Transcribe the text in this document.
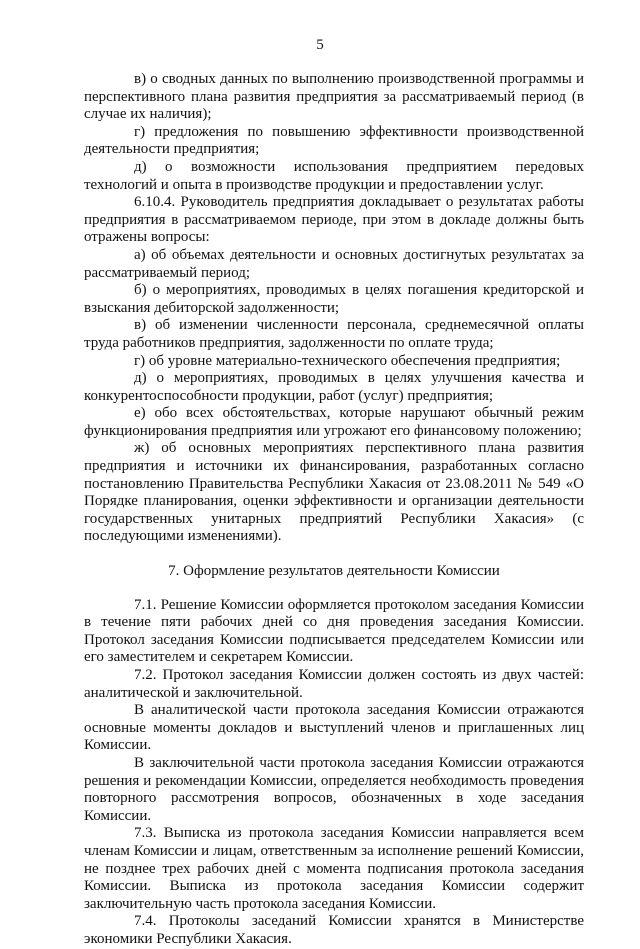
5

в) о сводных данных по выполнению производственной программы и перспективного плана развития предприятия за рассматриваемый период (в случае их наличия);

г) предложения по повышению эффективности производственной деятельности предприятия;

д) о возможности использования предприятием передовых технологий и опыта в производстве продукции и предоставлении услуг.

6.10.4. Руководитель предприятия докладывает о результатах работы предприятия в рассматриваемом периоде, при этом в докладе должны быть отражены вопросы:

а) об объемах деятельности и основных достигнутых результатах за рассматриваемый период;

б) о мероприятиях, проводимых в целях погашения кредиторской и взыскания дебиторской задолженности;

в) об изменении численности персонала, среднемесячной оплаты труда работников предприятия, задолженности по оплате труда;

г) об уровне материально-технического обеспечения предприятия;

д) о мероприятиях, проводимых в целях улучшения качества и конкурентоспособности продукции, работ (услуг) предприятия;

е) обо всех обстоятельствах, которые нарушают обычный режим функционирования предприятия или угрожают его финансовому положению;

ж) об основных мероприятиях перспективного плана развития предприятия и источники их финансирования, разработанных согласно постановлению Правительства Республики Хакасия от 23.08.2011 № 549 «О Порядке планирования, оценки эффективности и организации деятельности государственных унитарных предприятий Республики Хакасия» (с последующими изменениями).

7. Оформление результатов деятельности Комиссии

7.1. Решение Комиссии оформляется протоколом заседания Комиссии в течение пяти рабочих дней со дня проведения заседания Комиссии. Протокол заседания Комиссии подписывается председателем Комиссии или его заместителем и секретарем Комиссии.

7.2. Протокол заседания Комиссии должен состоять из двух частей: аналитической и заключительной.

В аналитической части протокола заседания Комиссии отражаются основные моменты докладов и выступлений членов и приглашенных лиц Комиссии.

В заключительной части протокола заседания Комиссии отражаются решения и рекомендации Комиссии, определяется необходимость проведения повторного рассмотрения вопросов, обозначенных в ходе заседания Комиссии.

7.3. Выписка из протокола заседания Комиссии направляется всем членам Комиссии и лицам, ответственным за исполнение решений Комиссии, не позднее трех рабочих дней с момента подписания протокола заседания Комиссии. Выписка из протокола заседания Комиссии содержит заключительную часть протокола заседания Комиссии.

7.4. Протоколы заседаний Комиссии хранятся в Министерстве экономики Республики Хакасия.
